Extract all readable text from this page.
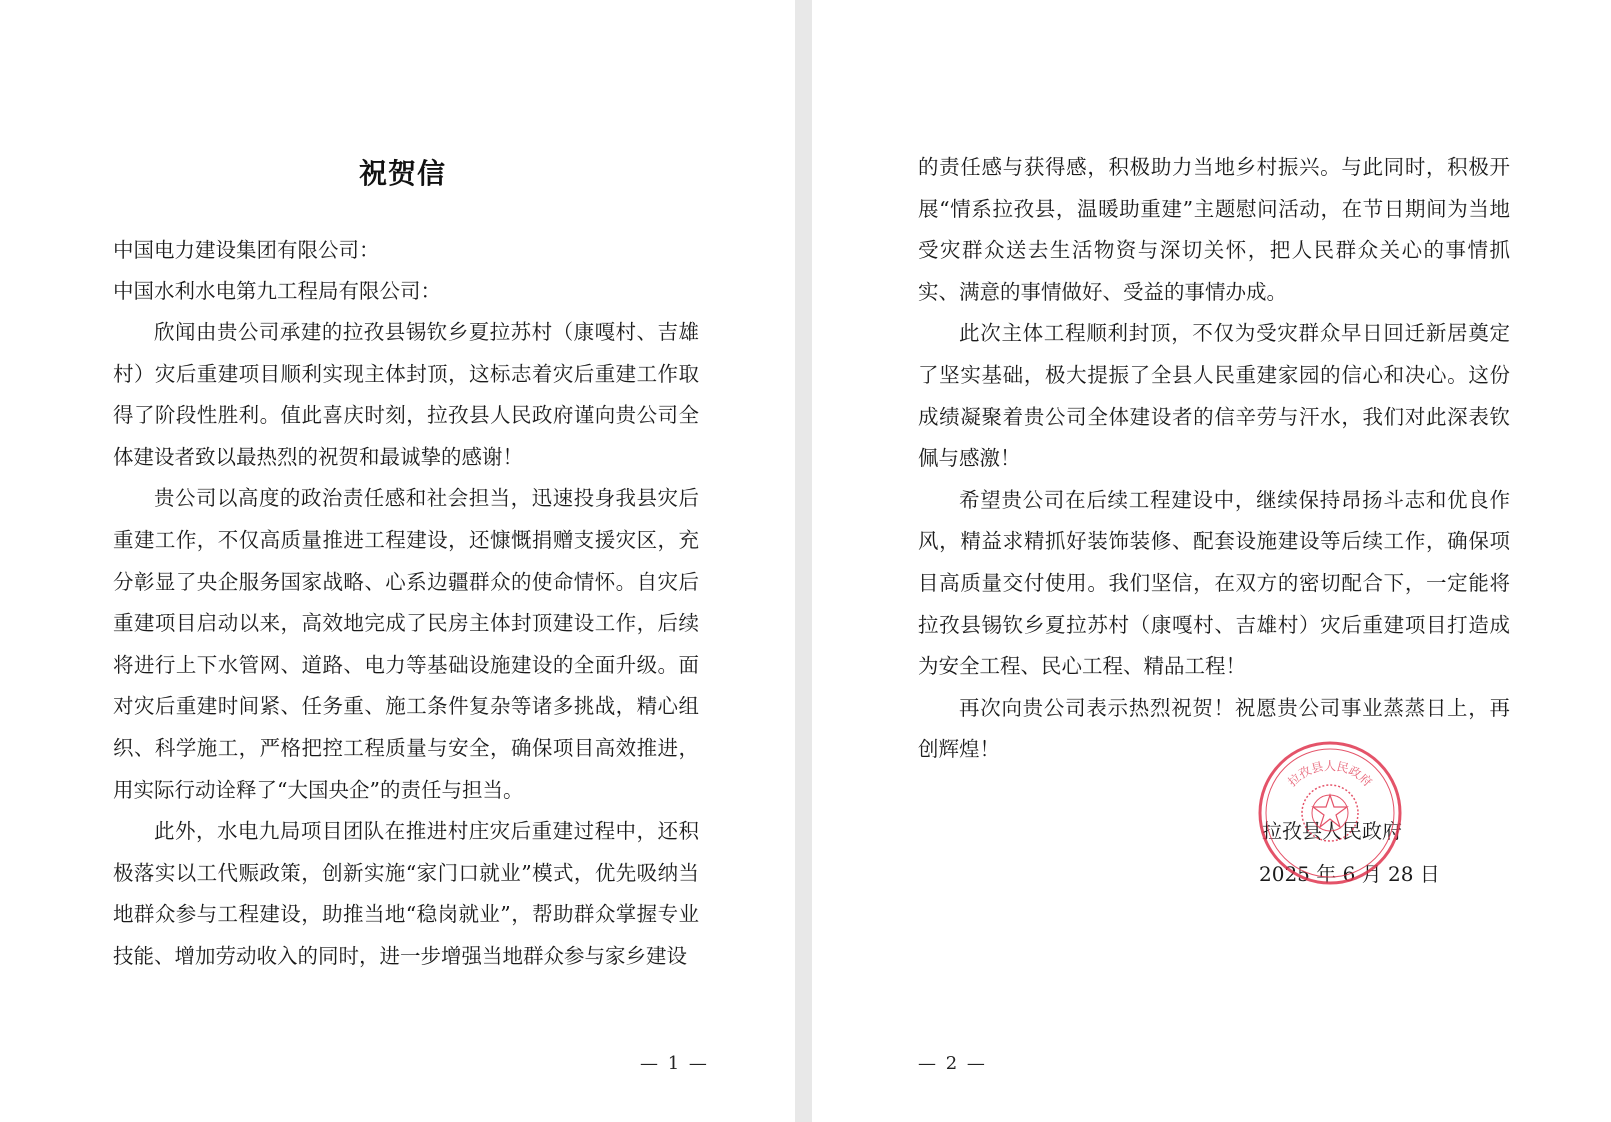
祝贺信
中国电力建设集团有限公司：
中国水利水电第九工程局有限公司：

欣闻由贵公司承建的拉孜县锡钦乡夏拉苏村（康嘎村、吉雄村）灾后重建项目顺利实现主体封顶，这标志着灾后重建工作取得了阶段性胜利。值此喜庆时刻，拉孜县人民政府谨向贵公司全体建设者致以最热烈的祝贺和最诚挚的感谢！

贵公司以高度的政治责任感和社会担当，迅速投身我县灾后重建工作，不仅高质量推进工程建设，还慷慨捐赠支援灾区，充分彰显了央企服务国家战略、心系边疆群众的使命情怀。自灾后重建项目启动以来，高效地完成了民房主体封顶建设工作，后续将进行上下水管网、道路、电力等基础设施建设的全面升级。面对灾后重建时间紧、任务重、施工条件复杂等诸多挑战，精心组织、科学施工，严格把控工程质量与安全，确保项目高效推进，用实际行动诠释了“大国央企”的责任与担当。

此外，水电九局项目团队在推进村庄灾后重建过程中，还积极落实以工代赈政策，创新实施“家门口就业”模式，优先吸纳当地群众参与工程建设，助推当地“稳岗就业”，帮助群众掌握专业技能、增加劳动收入的同时，进一步增强当地群众参与家乡建设

— 1 —

的责任感与获得感，积极助力当地乡村振兴。与此同时，积极开展“情系拉孜县，温暖助重建”主题慰问活动，在节日期间为当地受灾群众送去生活物资与深切关怀，把人民群众关心的事情抓实、满意的事情做好、受益的事情办成。

此次主体工程顺利封顶，不仅为受灾群众早日回迁新居奠定了坚实基础，极大提振了全县人民重建家园的信心和决心。这份成绩凝聚着贵公司全体建设者的信辛劳与汗水，我们对此深表钦佩与感激！

希望贵公司在后续工程建设中，继续保持昂扬斗志和优良作风，精益求精抓好装饰装修、配套设施建设等后续工作，确保项目高质量交付使用。我们坚信，在双方的密切配合下，一定能将拉孜县锡钦乡夏拉苏村（康嘎村、吉雄村）灾后重建项目打造成为安全工程、民心工程、精品工程！

再次向贵公司表示热烈祝贺！祝愿贵公司事业蒸蒸日上，再创辉煌！

拉孜县人民政府
2025 年 6 月 28 日
拉孜县人民政府
— 2 —
